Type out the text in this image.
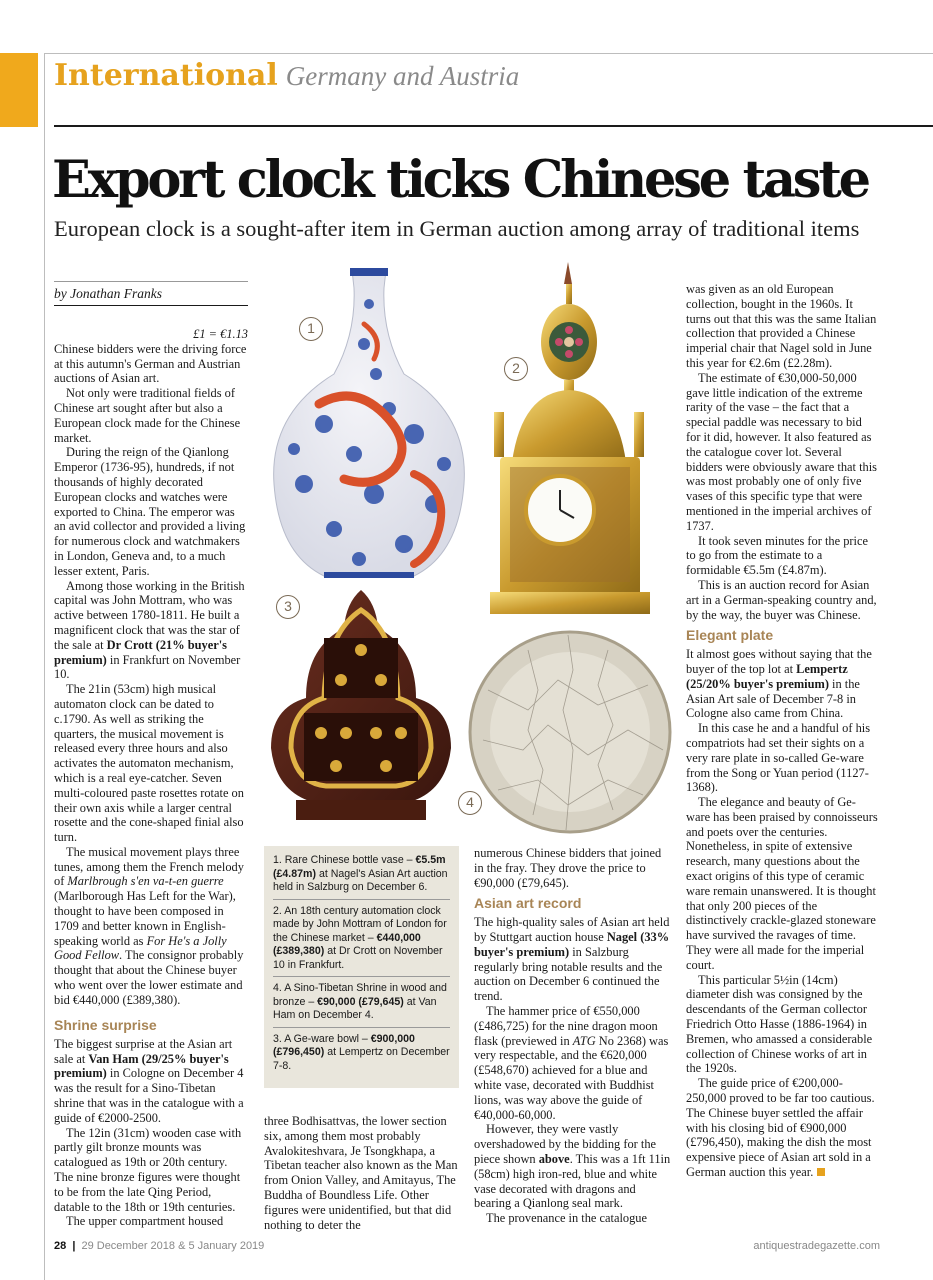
International Germany and Austria
Export clock ticks Chinese taste
European clock is a sought-after item in German auction among array of traditional items
by Jonathan Franks

£1 = €1.13

Chinese bidders were the driving force at this autumn's German and Austrian auctions of Asian art.

Not only were traditional fields of Chinese art sought after but also a European clock made for the Chinese market.

During the reign of the Qianlong Emperor (1736-95), hundreds, if not thousands of highly decorated European clocks and watches were exported to China. The emperor was an avid collector and provided a living for numerous clock and watchmakers in London, Geneva and, to a much lesser extent, Paris.

Among those working in the British capital was John Mottram, who was active between 1780-1811. He built a magnificent clock that was the star of the sale at Dr Crott (21% buyer's premium) in Frankfurt on November 10.

The 21in (53cm) high musical automaton clock can be dated to c.1790. As well as striking the quarters, the musical movement is released every three hours and also activates the automaton mechanism, which is a real eye-catcher. Seven multi-coloured paste rosettes rotate on their own axis while a larger central rosette and the cone-shaped finial also turn.

The musical movement plays three tunes, among them the French melody of Marlbrough s'en va-t-en guerre (Marlborough Has Left for the War), thought to have been composed in 1709 and better known in English-speaking world as For He's a Jolly Good Fellow. The consignor probably thought that about the Chinese buyer who went over the lower estimate and bid €440,000 (£389,380).

Shrine surprise

The biggest surprise at the Asian art sale at Van Ham (29/25% buyer's premium) in Cologne on December 4 was the result for a Sino-Tibetan shrine that was in the catalogue with a guide of €2000-2500.

The 12in (31cm) wooden case with partly gilt bronze mounts was catalogued as 19th or 20th century. The nine bronze figures were thought to be from the late Qing Period, datable to the 18th or 19th centuries.

The upper compartment housed

1
2
3
4
1. Rare Chinese bottle vase – €5.5m (£4.87m) at Nagel's Asian Art auction held in Salzburg on December 6.
2. An 18th century automation clock made by John Mottram of London for the Chinese market – €440,000 (£389,380) at Dr Crott on November 10 in Frankfurt.
4. A Sino-Tibetan Shrine in wood and bronze – €90,000 (£79,645) at Van Ham on December 4.
3. A Ge-ware bowl – €900,000 (£796,450) at Lempertz on December 7-8.

three Bodhisattvas, the lower section six, among them most probably Avalokiteshvara, Je Tsongkhapa, a Tibetan teacher also known as the Man from Onion Valley, and Amitayus, The Buddha of Boundless Life. Other figures were unidentified, but that did nothing to deter the

numerous Chinese bidders that joined in the fray. They drove the price to €90,000 (£79,645).

Asian art record

The high-quality sales of Asian art held by Stuttgart auction house Nagel (33% buyer's premium) in Salzburg regularly bring notable results and the auction on December 6 continued the trend.

The hammer price of €550,000 (£486,725) for the nine dragon moon flask (previewed in ATG No 2368) was very respectable, and the €620,000 (£548,670) achieved for a blue and white vase, decorated with Buddhist lions, was way above the guide of €40,000-60,000.

However, they were vastly overshadowed by the bidding for the piece shown above. This was a 1ft 11in (58cm) high iron-red, blue and white vase decorated with dragons and bearing a Qianlong seal mark.

The provenance in the catalogue

was given as an old European collection, bought in the 1960s. It turns out that this was the same Italian collection that provided a Chinese imperial chair that Nagel sold in June this year for €2.6m (£2.28m).

The estimate of €30,000-50,000 gave little indication of the extreme rarity of the vase – the fact that a special paddle was necessary to bid for it did, however. It also featured as the catalogue cover lot. Several bidders were obviously aware that this was most probably one of only five vases of this specific type that were mentioned in the imperial archives of 1737.

It took seven minutes for the price to go from the estimate to a formidable €5.5m (£4.87m).

This is an auction record for Asian art in a German-speaking country and, by the way, the buyer was Chinese.

Elegant plate

It almost goes without saying that the buyer of the top lot at Lempertz (25/20% buyer's premium) in the Asian Art sale of December 7-8 in Cologne also came from China.

In this case he and a handful of his compatriots had set their sights on a very rare plate in so-called Ge-ware from the Song or Yuan period (1127-1368).

The elegance and beauty of Ge-ware has been praised by connoisseurs and poets over the centuries. Nonetheless, in spite of extensive research, many questions about the exact origins of this type of ceramic ware remain unanswered. It is thought that only 200 pieces of the distinctively crackle-glazed stoneware have survived the ravages of time. They were all made for the imperial court.

This particular 5½in (14cm) diameter dish was consigned by the descendants of the German collector Friedrich Otto Hasse (1886-1964) in Bremen, who amassed a considerable collection of Chinese works of art in the 1920s.

The guide price of €200,000-250,000 proved to be far too cautious. The Chinese buyer settled the affair with his closing bid of €900,000 (£796,450), making the dish the most expensive piece of Asian art sold in a German auction this year.

28 | 29 December 2018 & 5 January 2019	antiquestradegazette.com
